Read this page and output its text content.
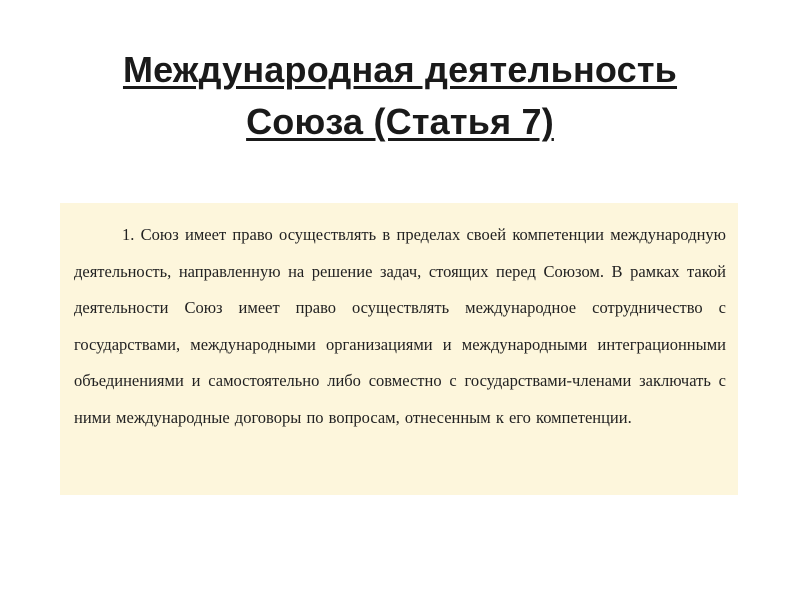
Международная деятельность
Союза (Статья 7)

1. Союз имеет право осуществлять в пределах своей компетенции международную деятельность, направленную на решение задач, стоящих перед Союзом. В рамках такой деятельности Союз имеет право осуществлять международное сотрудничество с государствами, международными организациями и международными интеграционными объединениями и самостоятельно либо совместно с государствами-членами заключать с ними международные договоры по вопросам, отнесенным к его компетенции.
